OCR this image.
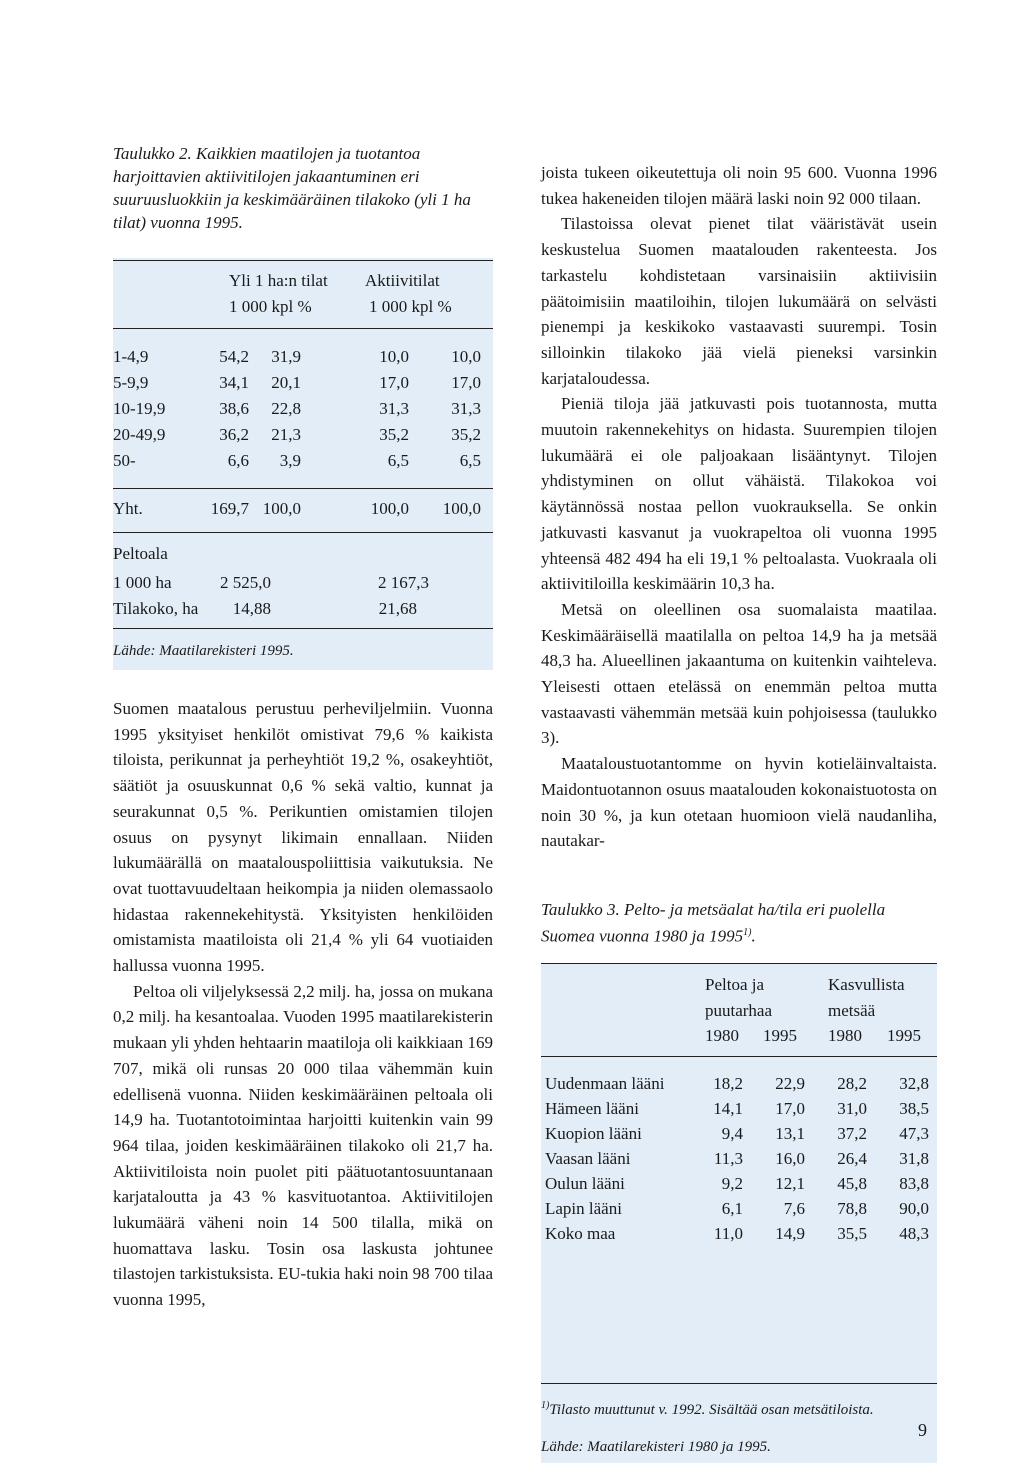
Taulukko 2. Kaikkien maatilojen ja tuotantoa harjoittavien aktiivitilojen jakaantuminen eri suuruusluokkiin ja keskimääräinen tilakoko (yli 1 ha tilat) vuonna 1995.

Yli 1 ha:n tilat Aktiivitilat
1 000 kpl %	1 000 kpl %
1-4,9	54,2	31,9	10,0	10,0
5-9,9	34,1	20,1	17,0	17,0
10-19,9	38,6	22,8	31,3	31,3
20-49,9	36,2	21,3	35,2	35,2
50-	6,6	3,9	6,5	6,5
Yht.	169,7 100,0	100,0	100,0
Peltoala
1 000 ha	2 525,0	2 167,3
Tilakoko, ha	14,88	21,68
Lähde: Maatilarekisteri 1995.

Suomen maatalous perustuu perheviljelmiin. Vuonna 1995 yksityiset henkilöt omistivat 79,6 % kaikista tiloista, perikunnat ja perheyhtiöt 19,2 %, osakeyhtiöt, säätiöt ja osuuskunnat 0,6 % sekä valtio, kunnat ja seurakunnat 0,5 %. Perikuntien omistamien tilojen osuus on pysynyt likimain ennallaan. Niiden lukumäärällä on maatalouspoliittisia vaikutuksia. Ne ovat tuottavuudeltaan heikompia ja niiden olemassaolo hidastaa rakennekehitystä. Yksityisten henkilöiden omistamista maatiloista oli 21,4 % yli 64 vuotiaiden hallussa vuonna 1995.

Peltoa oli viljelyksessä 2,2 milj. ha, jossa on mukana 0,2 milj. ha kesantoalaa. Vuoden 1995 maatilarekisterin mukaan yli yhden hehtaarin maatiloja oli kaikkiaan 169 707, mikä oli runsas 20 000 tilaa vähemmän kuin edellisenä vuonna. Niiden keskimääräinen peltoala oli 14,9 ha. Tuotantotoimintaa harjoitti kuitenkin vain 99 964 tilaa, joiden keskimääräinen tilakoko oli 21,7 ha. Aktiivitiloista noin puolet piti päätuotantosuuntanaan karjataloutta ja 43 % kasvituotantoa. Aktiivitilojen lukumäärä väheni noin 14 500 tilalla, mikä on huomattava lasku. Tosin osa laskusta johtunee tilastojen tarkistuksista. EU-tukia haki noin 98 700 tilaa vuonna 1995,

joista tukeen oikeutettuja oli noin 95 600. Vuonna 1996 tukea hakeneiden tilojen määrä laski noin 92 000 tilaan.

Tilastoissa olevat pienet tilat vääristävät usein keskustelua Suomen maatalouden rakenteesta. Jos tarkastelu kohdistetaan varsinaisiin aktiivisiin päätoimisiin maatiloihin, tilojen lukumäärä on selvästi pienempi ja keskikoko vastaavasti suurempi. Tosin silloinkin tilakoko jää vielä pieneksi varsinkin karjataloudessa.

Pieniä tiloja jää jatkuvasti pois tuotannosta, mutta muutoin rakennekehitys on hidasta. Suurempien tilojen lukumäärä ei ole paljoakaan lisääntynyt. Tilojen yhdistyminen on ollut vähäistä. Tilakokoa voi käytännössä nostaa pellon vuokrauksella. Se onkin jatkuvasti kasvanut ja vuokrapeltoa oli vuonna 1995 yhteensä 482 494 ha eli 19,1 % peltoalasta. Vuokraala oli aktiivitiloilla keskimäärin 10,3 ha.

Metsä on oleellinen osa suomalaista maatilaa. Keskimääräisellä maatilalla on peltoa 14,9 ha ja metsää 48,3 ha. Alueellinen jakaantuma on kuitenkin vaihteleva. Yleisesti ottaen etelässä on enemmän peltoa mutta vastaavasti vähemmän metsää kuin pohjoisessa (taulukko 3).

Maataloustuotantomme on hyvin kotieläinvaltaista. Maidontuotannon osuus maatalouden kokonaistuotosta on noin 30 %, ja kun otetaan huomioon vielä naudanliha, nautakar-

Taulukko 3. Pelto- ja metsäalat ha/tila eri puolella Suomea vuonna 1980 ja 1995$^{1)}$.

Peltoa ja
puutarhaa
Kasvullista
metsää
1980 1995 1980 1995
Uudenmaan lääni	18,2	22,9	28,2	32,8
Hämeen lääni	14,1	17,0	31,0	38,5
Kuopion lääni	9,4	13,1	37,2	47,3
Vaasan lääni	11,3	16,0	26,4	31,8
Oulun lääni	9,2	12,1	45,8	83,8
Lapin lääni	6,1	7,6	78,8	90,0
Koko maa	11,0	14,9	35,5	48,3
$^{1)}$Tilasto muuttunut v. 1992. Sisältää osan metsätiloista.
Lähde: Maatilarekisteri 1980 ja 1995.
9
